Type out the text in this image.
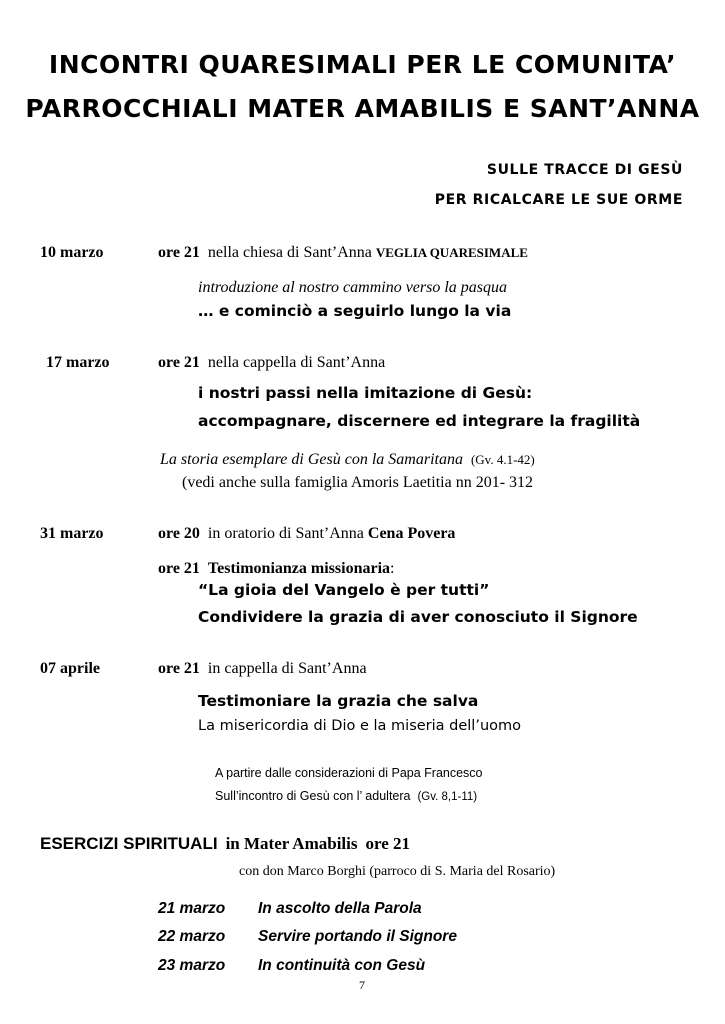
INCONTRI QUARESIMALI PER LE COMUNITA’
PARROCCHIALI MATER AMABILIS E SANT’ANNA
SULLE TRACCE DI GESÙ
PER RICALCARE LE SUE ORME
10 marzo	ore 21 nella chiesa di Sant’Anna VEGLIA QUARESIMALE
introduzione al nostro cammino verso la pasqua
… e cominciò a seguirlo lungo la via
17 marzo	ore 21 nella cappella di Sant’Anna
i nostri passi nella imitazione di Gesù:
accompagnare, discernere ed integrare la fragilità
La storia esemplare di Gesù con la Samaritana (Gv. 4.1-42)
(vedi anche sulla famiglia Amoris Laetitia nn 201- 312
31 marzo	ore 20 in oratorio di Sant’Anna Cena Povera
ore 21 Testimonianza missionaria:
“La gioia del Vangelo è per tutti”
Condividere la grazia di aver conosciuto il Signore
07 aprile	ore 21 in cappella di Sant’Anna
Testimoniare la grazia che salva
La misericordia di Dio e la miseria dell’uomo
A partire dalle considerazioni di Papa Francesco
Sull’incontro di Gesù con l’ adultera (Gv. 8,1-11)
ESERCIZI SPIRITUALI in Mater Amabilis ore 21
con don Marco Borghi (parroco di S. Maria del Rosario)
21 marzo In ascolto della Parola
22 marzo Servire portando il Signore
23 marzo In continuità con Gesù
7
